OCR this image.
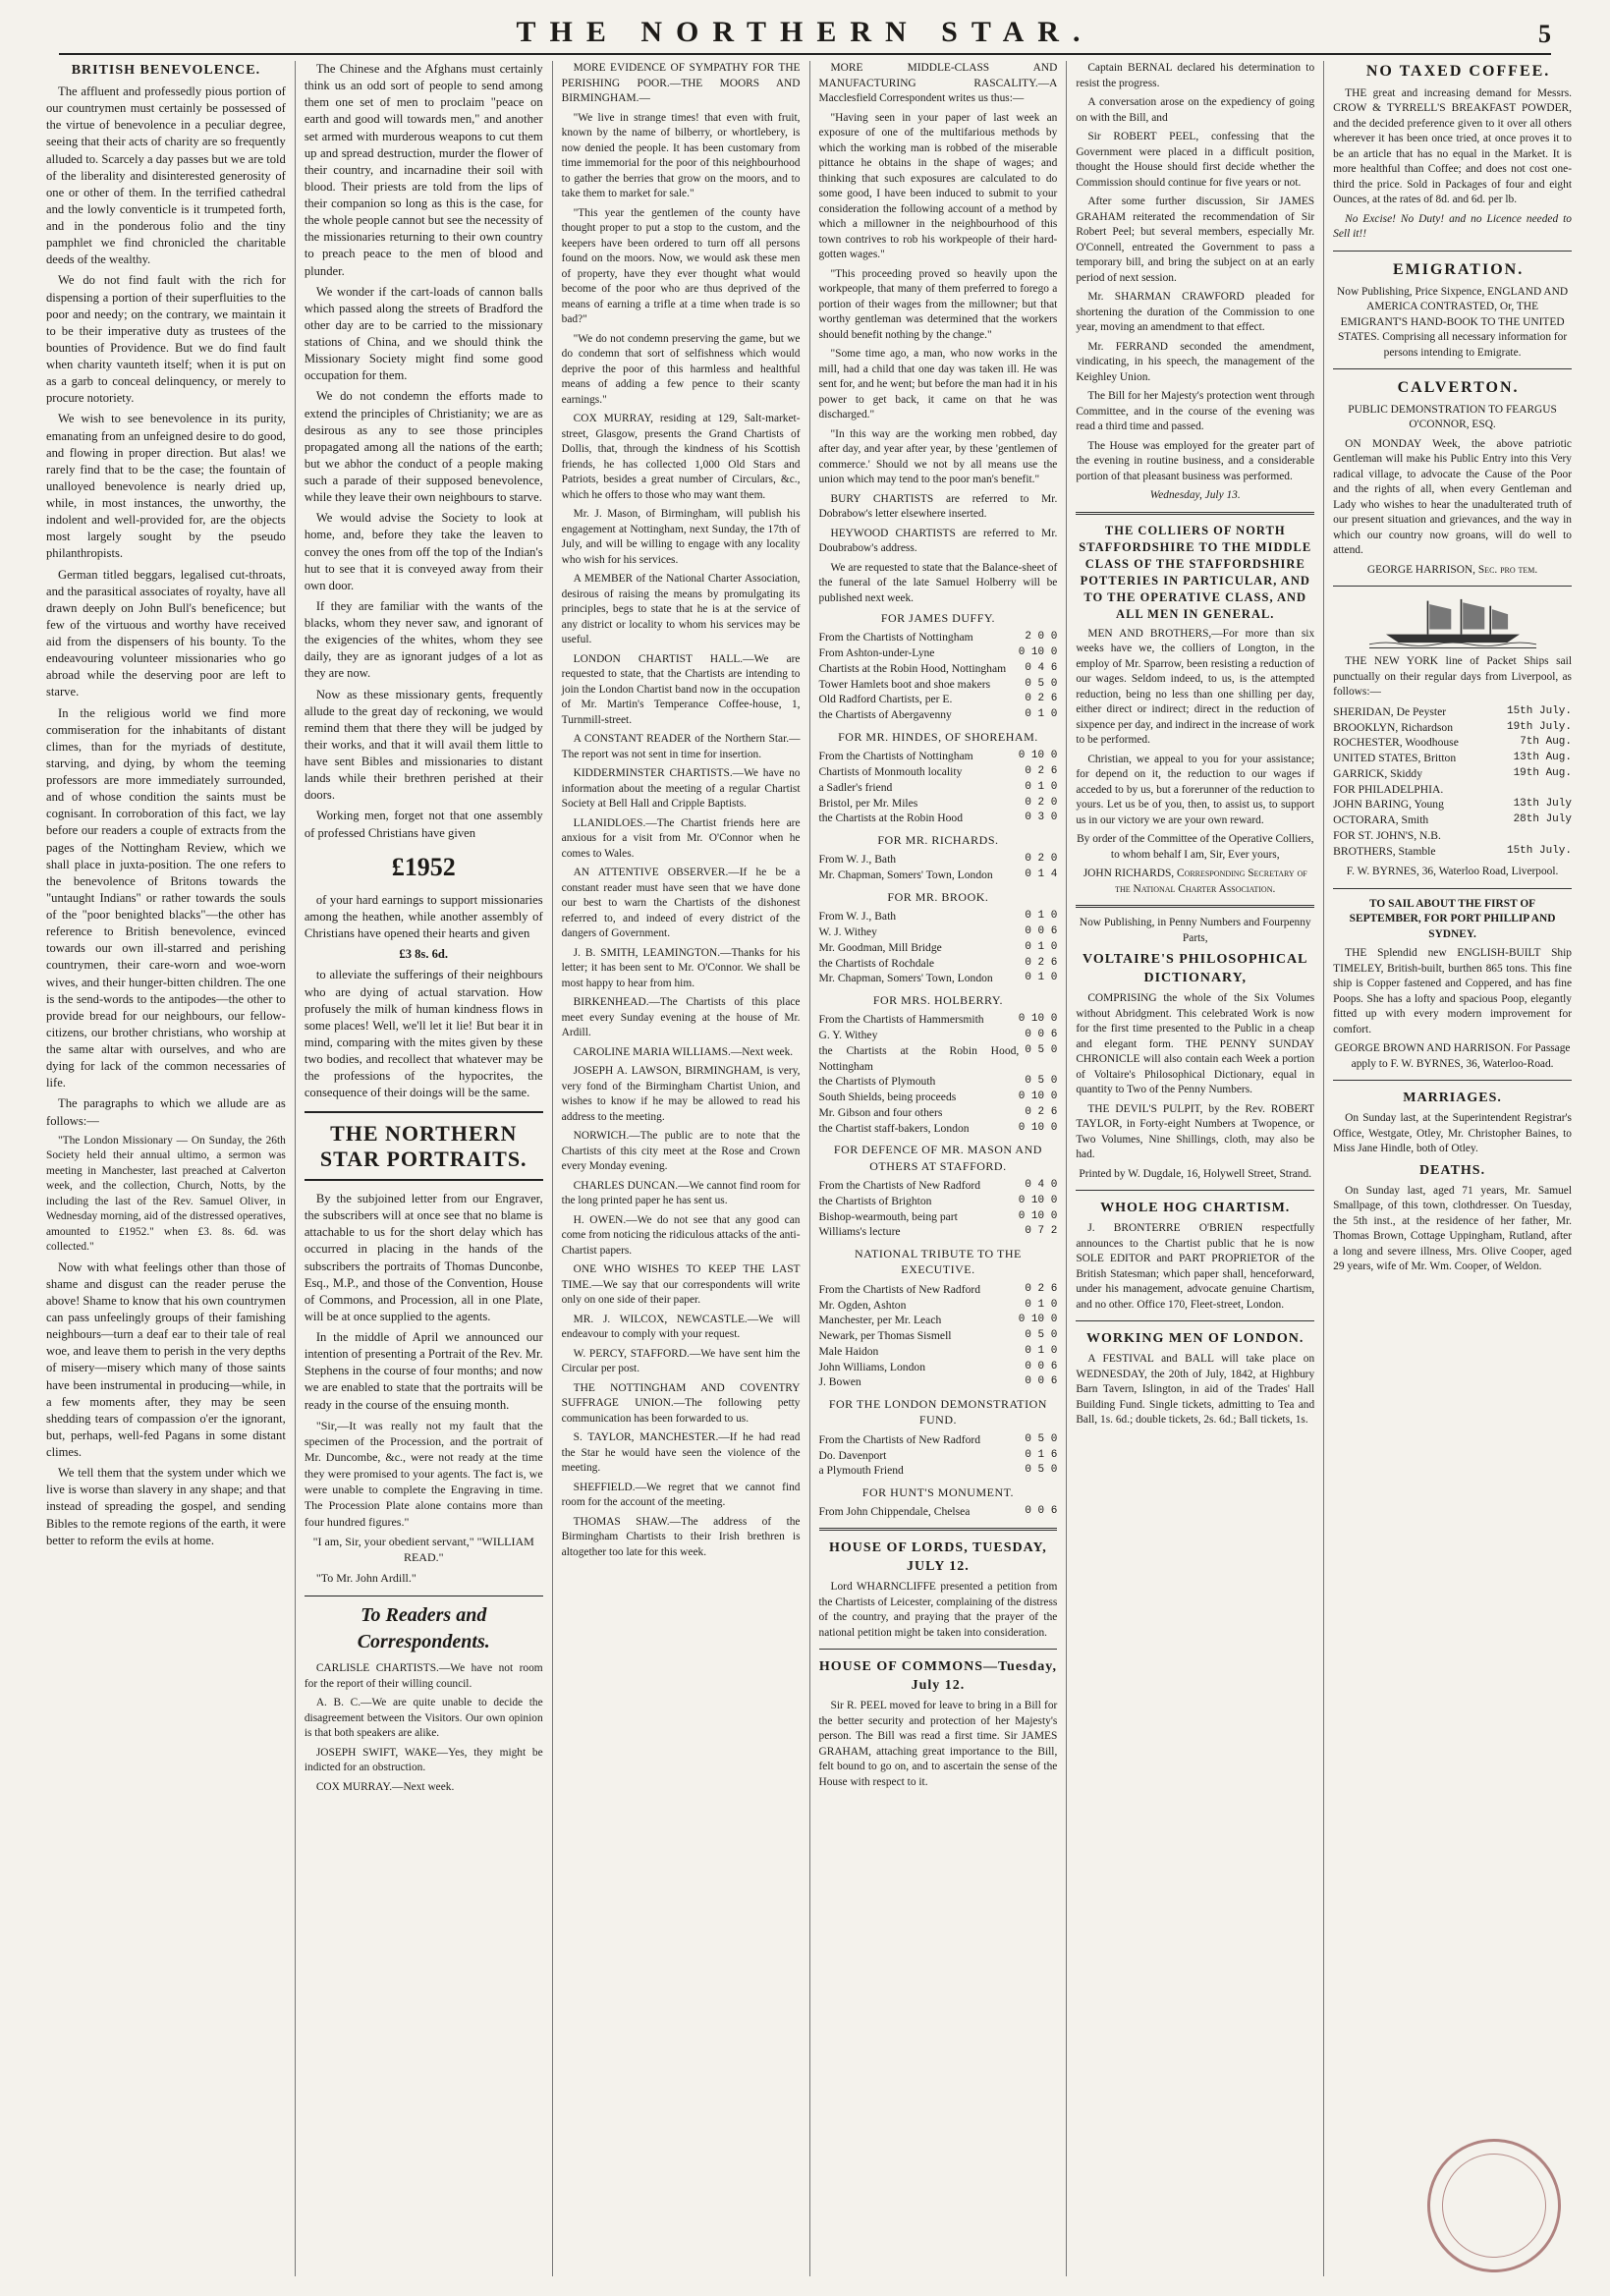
THE NORTHERN STAR.	5

BRITISH BENEVOLENCE.

The affluent and professedly pious portion of our countrymen must certainly be possessed of the virtue of benevolence in a peculiar degree, seeing that their acts of charity are so frequently alluded to. Scarcely a day passes but we are told of the liberality and disinterested generosity of one or other of them. In the terrified cathedral and the lowly conventicle is it trumpeted forth, and in the ponderous folio and the tiny pamphlet we find chronicled the charitable deeds of the wealthy.

We do not find fault with the rich for dispensing a portion of their superfluities to the poor and needy; on the contrary, we maintain it to be their imperative duty as trustees of the bounties of Providence. But we do find fault when charity vaunteth itself; when it is put on as a garb to conceal delinquency, or merely to procure notoriety.

We wish to see benevolence in its purity, emanating from an unfeigned desire to do good, and flowing in proper direction. But alas! we rarely find that to be the case; the fountain of unalloyed benevolence is nearly dried up, while, in most instances, the unworthy, the indolent and well-provided for, are the objects most largely sought by the pseudo philanthropists.

German titled beggars, legalised cut-throats, and the parasitical associates of royalty, have all drawn deeply on John Bull's beneficence; but few of the virtuous and worthy have received aid from the dispensers of his bounty. To the endeavouring volunteer missionaries who go abroad while the deserving poor are left to starve.

In the religious world we find more commiseration for the inhabitants of distant climes, than for the myriads of destitute, starving, and dying, by whom the teeming professors are more immediately surrounded, and of whose condition the saints must be cognisant. In corroboration of this fact, we lay before our readers a couple of extracts from the pages of the Nottingham Review, which we shall place in juxta-position. The one refers to the benevolence of Britons towards the "untaught Indians" or rather towards the souls of the "poor benighted blacks"—the other has reference to British benevolence, evinced towards our own ill-starred and perishing countrymen, their care-worn and woe-worn wives, and their hunger-bitten children. The one is the send-words to the antipodes—the other to provide bread for our neighbours, our fellow-citizens, our brother christians, who worship at the same altar with ourselves, and who are dying for lack of the common necessaries of life.

The paragraphs to which we allude are as follows:—

"The London Missionary — On Sunday, the 26th Society held their annual ultimo, a sermon was meeting in Manchester, last preached at Calverton week, and the collection, Church, Notts, by the including the last of the Rev. Samuel Oliver, in Wednesday morning, aid of the distressed operatives, amounted to £1952." when £3. 8s. 6d. was collected."

Now with what feelings other than those of shame and disgust can the reader peruse the above! Shame to know that his own countrymen can pass unfeelingly groups of their famishing neighbours—turn a deaf ear to their tale of real woe, and leave them to perish in the very depths of misery—misery which many of those saints have been instrumental in producing—while, in a few moments after, they may be seen shedding tears of compassion o'er the ignorant, but, perhaps, well-fed Pagans in some distant climes.

We tell them that the system under which we live is worse than slavery in any shape; and that instead of spreading the gospel, and sending Bibles to the remote regions of the earth, it were better to reform the evils at home.

The Chinese and the Afghans must certainly think us an odd sort of people to send among them one set of men to proclaim "peace on earth and good will towards men," and another set armed with murderous weapons to cut them up and spread destruction, murder the flower of their country, and incarnadine their soil with blood. Their priests are told from the lips of their companion so long as this is the case, for the whole people cannot but see the necessity of the missionaries returning to their own country to preach peace to the men of blood and plunder.

We wonder if the cart-loads of cannon balls which passed along the streets of Bradford the other day are to be carried to the missionary stations of China, and we should think the Missionary Society might find some good occupation for them.

We do not condemn the efforts made to extend the principles of Christianity; we are as desirous as any to see those principles propagated among all the nations of the earth; but we abhor the conduct of a people making such a parade of their supposed benevolence, while they leave their own neighbours to starve.

We would advise the Society to look at home, and, before they take the leaven to convey the ones from off the top of the Indian's hut to see that it is conveyed away from their own door.

If they are familiar with the wants of the blacks, whom they never saw, and ignorant of the exigencies of the whites, whom they see daily, they are as ignorant judges of a lot as they are now.

Now as these missionary gents, frequently allude to the great day of reckoning, we would remind them that there they will be judged by their works, and that it will avail them little to have sent Bibles and missionaries to distant lands while their brethren perished at their doors.

Working men, forget not that one assembly of professed Christians have given

£1952

of your hard earnings to support missionaries among the heathen, while another assembly of Christians have opened their hearts and given

£3 8s. 6d.

to alleviate the sufferings of their neighbours who are dying of actual starvation. How profusely the milk of human kindness flows in some places! Well, we'll let it lie! But bear it in mind, comparing with the mites given by these two bodies, and recollect that whatever may be the professions of the hypocrites, the consequence of their doings will be the same.

THE NORTHERN STAR PORTRAITS.

By the subjoined letter from our Engraver, the subscribers will at once see that no blame is attachable to us for the short delay which has occurred in placing in the hands of the subscribers the portraits of Thomas Dunconbe, Esq., M.P., and those of the Convention, House of Commons, and Procession, all in one Plate, will be at once supplied to the agents.

In the middle of April we announced our intention of presenting a Portrait of the Rev. Mr. Stephens in the course of four months; and now we are enabled to state that the portraits will be ready in the course of the ensuing month.

"Sir,—It was really not my fault that the specimen of the Procession, and the portrait of Mr. Duncombe, &c., were not ready at the time they were promised to your agents. The fact is, we were unable to complete the Engraving in time. The Procession Plate alone contains more than four hundred figures."

"I am, Sir, your obedient servant," "WILLIAM READ."

"To Mr. John Ardill."

To Readers and Correspondents.

CARLISLE CHARTISTS.—We have not room for the report of their willing council.

A. B. C.—We are quite unable to decide the disagreement between the Visitors. Our own opinion is that both speakers are alike.

JOSEPH SWIFT, WAKE—Yes, they might be indicted for an obstruction.

COX MURRAY.—Next week.

MORE EVIDENCE OF SYMPATHY FOR THE PERISHING POOR.—THE MOORS AND BIRMINGHAM.—

"We live in strange times! that even with fruit, known by the name of bilberry, or whortlebery, is now denied the people. It has been customary from time immemorial for the poor of this neighbourhood to gather the berries that grow on the moors, and to take them to market for sale."

"This year the gentlemen of the county have thought proper to put a stop to the custom, and the keepers have been ordered to turn off all persons found on the moors. Now, we would ask these men of property, have they ever thought what would become of the poor who are thus deprived of the means of earning a trifle at a time when trade is so bad?"

"We do not condemn preserving the game, but we do condemn that sort of selfishness which would deprive the poor of this harmless and healthful means of adding a few pence to their scanty earnings."

COX MURRAY, residing at 129, Salt-market-street, Glasgow, presents the Grand Chartists of Dollis, that, through the kindness of his Scottish friends, he has collected 1,000 Old Stars and Patriots, besides a great number of Circulars, &c., which he offers to those who may want them.

Mr. J. Mason, of Birmingham, will publish his engagement at Nottingham, next Sunday, the 17th of July, and will be willing to engage with any locality who wish for his services.

A MEMBER of the National Charter Association, desirous of raising the means by promulgating its principles, begs to state that he is at the service of any district or locality to whom his services may be useful.

LONDON CHARTIST HALL.—We are requested to state, that the Chartists are intending to join the London Chartist band now in the occupation of Mr. Martin's Temperance Coffee-house, 1, Turnmill-street.

A CONSTANT READER of the Northern Star.—The report was not sent in time for insertion.

KIDDERMINSTER CHARTISTS.—We have no information about the meeting of a regular Chartist Society at Bell Hall and Cripple Baptists.

LLANIDLOES.—The Chartist friends here are anxious for a visit from Mr. O'Connor when he comes to Wales.

AN ATTENTIVE OBSERVER.—If he be a constant reader must have seen that we have done our best to warn the Chartists of the dishonest referred to, and indeed of every district of the dangers of Government.

J. B. SMITH, LEAMINGTON.—Thanks for his letter; it has been sent to Mr. O'Connor. We shall be most happy to hear from him.

BIRKENHEAD.—The Chartists of this place meet every Sunday evening at the house of Mr. Ardill.

CAROLINE MARIA WILLIAMS.—Next week.

JOSEPH A. LAWSON, BIRMINGHAM, is very, very fond of the Birmingham Chartist Union, and wishes to know if he may be allowed to read his address to the meeting.

NORWICH.—The public are to note that the Chartists of this city meet at the Rose and Crown every Monday evening.

CHARLES DUNCAN.—We cannot find room for the long printed paper he has sent us.

H. OWEN.—We do not see that any good can come from noticing the ridiculous attacks of the anti-Chartist papers.

ONE WHO WISHES TO KEEP THE LAST TIME.—We say that our correspondents will write only on one side of their paper.

MR. J. WILCOX, NEWCASTLE.—We will endeavour to comply with your request.

W. PERCY, STAFFORD.—We have sent him the Circular per post.

THE NOTTINGHAM AND COVENTRY SUFFRAGE UNION.—The following petty communication has been forwarded to us.

S. TAYLOR, MANCHESTER.—If he had read the Star he would have seen the violence of the meeting.

SHEFFIELD.—We regret that we cannot find room for the account of the meeting.

THOMAS SHAW.—The address of the Birmingham Chartists to their Irish brethren is altogether too late for this week.

MORE MIDDLE-CLASS AND MANUFACTURING RASCALITY.—A Macclesfield Correspondent writes us thus:—

"Having seen in your paper of last week an exposure of one of the multifarious methods by which the working man is robbed of the miserable pittance he obtains in the shape of wages; and thinking that such exposures are calculated to do some good, I have been induced to submit to your consideration the following account of a method by which a millowner in the neighbourhood of this town contrives to rob his workpeople of their hard-gotten wages."

"This proceeding proved so heavily upon the workpeople, that many of them preferred to forego a portion of their wages from the millowner; but that worthy gentleman was determined that the workers should benefit nothing by the change."

"Some time ago, a man, who now works in the mill, had a child that one day was taken ill. He was sent for, and he went; but before the man had it in his power to get back, it came on that he was discharged."

"In this way are the working men robbed, day after day, and year after year, by these 'gentlemen of commerce.' Should we not by all means use the union which may tend to the poor man's benefit."

BURY CHARTISTS are referred to Mr. Dobrabow's letter elsewhere inserted.

HEYWOOD CHARTISTS are referred to Mr. Doubrabow's address.

We are requested to state that the Balance-sheet of the funeral of the late Samuel Holberry will be published next week.

FOR JAMES DUFFY.

From the Chartists of Nottingham	2 0 0
From Ashton-under-Lyne	0 10 0
Chartists at the Robin Hood, Nottingham	0 4 6
Tower Hamlets boot and shoe makers	0 5 0
Old Radford Chartists, per E.	0 2 6
the Chartists of Abergavenny	0 1 0

FOR MR. HINDES, OF SHOREHAM.

From the Chartists of Nottingham	0 10 0
Chartists of Monmouth locality	0 2 6
a Sadler's friend	0 1 0
Bristol, per Mr. Miles	0 2 0
the Chartists at the Robin Hood	0 3 0

FOR MR. RICHARDS.

From W. J., Bath	0 2 0
Mr. Chapman, Somers' Town, London	0 1 4

FOR MR. BROOK.

From W. J., Bath	0 1 0
W. J. Withey	0 0 6
Mr. Goodman, Mill Bridge	0 1 0
the Chartists of Rochdale	0 2 6
Mr. Chapman, Somers' Town, London	0 1 0

FOR MRS. HOLBERRY.

From the Chartists of Hammersmith	0 10 0
G. Y. Withey	0 0 6
the Chartists at the Robin Hood, Nottingham
0 5 0
the Chartists of Plymouth	0 5 0
South Shields, being proceeds	0 10 0
Mr. Gibson and four others	0 2 6
the Chartist staff-bakers, London	0 10 0

FOR DEFENCE OF MR. MASON AND OTHERS AT STAFFORD.

From the Chartists of New Radford	0 4 0
the Chartists of Brighton	0 10 0
Bishop-wearmouth, being part	0 10 0
Williams's lecture	0 7 2

NATIONAL TRIBUTE TO THE EXECUTIVE.

From the Chartists of New Radford	0 2 6
Mr. Ogden, Ashton	0 1 0
Manchester, per Mr. Leach	0 10 0
Newark, per Thomas Sismell	0 5 0
Male Haidon	0 1 0
John Williams, London	0 0 6
J. Bowen	0 0 6

FOR THE LONDON DEMONSTRATION FUND.

From the Chartists of New Radford	0 5 0
Do. Davenport	0 1 6
a Plymouth Friend	0 5 0

FOR HUNT'S MONUMENT.

From John Chippendale, Chelsea	0 0 6

HOUSE OF LORDS, TUESDAY, JULY 12.

Lord WHARNCLIFFE presented a petition from the Chartists of Leicester, complaining of the distress of the country, and praying that the prayer of the national petition might be taken into consideration.

HOUSE OF COMMONS—Tuesday, July 12.

Sir R. PEEL moved for leave to bring in a Bill for the better security and protection of her Majesty's person. The Bill was read a first time. Sir JAMES GRAHAM, attaching great importance to the Bill, felt bound to go on, and to ascertain the sense of the House with respect to it.

Captain BERNAL declared his determination to resist the progress.

A conversation arose on the expediency of going on with the Bill, and

Sir ROBERT PEEL, confessing that the Government were placed in a difficult position, thought the House should first decide whether the Commission should continue for five years or not.

After some further discussion, Sir JAMES GRAHAM reiterated the recommendation of Sir Robert Peel; but several members, especially Mr. O'Connell, entreated the Government to pass a temporary bill, and bring the subject on at an early period of next session.

Mr. SHARMAN CRAWFORD pleaded for shortening the duration of the Commission to one year, moving an amendment to that effect.

Mr. FERRAND seconded the amendment, vindicating, in his speech, the management of the Keighley Union.

The Bill for her Majesty's protection went through Committee, and in the course of the evening was read a third time and passed.

The House was employed for the greater part of the evening in routine business, and a considerable portion of that pleasant business was performed.

Wednesday, July 13.

THE COLLIERS OF NORTH STAFFORDSHIRE TO THE MIDDLE CLASS OF THE STAFFORDSHIRE POTTERIES IN PARTICULAR, AND TO THE OPERATIVE CLASS, AND ALL MEN IN GENERAL.

MEN AND BROTHERS,—For more than six weeks have we, the colliers of Longton, in the employ of Mr. Sparrow, been resisting a reduction of our wages. Seldom indeed, to us, is the attempted reduction, being no less than one shilling per day, either direct or indirect; direct in the reduction of sixpence per day, and indirect in the increase of work to be performed.

Christian, we appeal to you for your assistance; for depend on it, the reduction to our wages if acceded to by us, but a forerunner of the reduction to yours. Let us be of you, then, to assist us, to support us in our victory we are your own reward.

By order of the Committee of the Operative Colliers, to whom behalf I am, Sir, Ever yours,

JOHN RICHARDS, Corresponding Secretary of the National Charter Association.

Now Publishing, in Penny Numbers and Fourpenny Parts,

VOLTAIRE'S PHILOSOPHICAL DICTIONARY,

COMPRISING the whole of the Six Volumes without Abridgment. This celebrated Work is now for the first time presented to the Public in a cheap and elegant form. THE PENNY SUNDAY CHRONICLE will also contain each Week a portion of Voltaire's Philosophical Dictionary, equal in quantity to Two of the Penny Numbers.

THE DEVIL'S PULPIT, by the Rev. ROBERT TAYLOR, in Forty-eight Numbers at Twopence, or Two Volumes, Nine Shillings, cloth, may also be had.

Printed by W. Dugdale, 16, Holywell Street, Strand.

WHOLE HOG CHARTISM.

J. BRONTERRE O'BRIEN respectfully announces to the Chartist public that he is now SOLE EDITOR and PART PROPRIETOR of the British Statesman; which paper shall, henceforward, under his management, advocate genuine Chartism, and no other. Office 170, Fleet-street, London.

WORKING MEN OF LONDON.

A FESTIVAL and BALL will take place on WEDNESDAY, the 20th of July, 1842, at Highbury Barn Tavern, Islington, in aid of the Trades' Hall Building Fund. Single tickets, admitting to Tea and Ball, 1s. 6d.; double tickets, 2s. 6d.; Ball tickets, 1s.

NO TAXED COFFEE.

THE great and increasing demand for Messrs. CROW & TYRRELL'S BREAKFAST POWDER, and the decided preference given to it over all others wherever it has been once tried, at once proves it to be an article that has no equal in the Market. It is more healthful than Coffee; and does not cost one-third the price. Sold in Packages of four and eight Ounces, at the rates of 8d. and 6d. per lb.

No Excise! No Duty! and no Licence needed to Sell it!!

EMIGRATION.

Now Publishing, Price Sixpence, ENGLAND AND AMERICA CONTRASTED, Or, THE EMIGRANT'S HAND-BOOK TO THE UNITED STATES. Comprising all necessary information for persons intending to Emigrate.

CALVERTON.

PUBLIC DEMONSTRATION TO FEARGUS O'CONNOR, ESQ.

ON MONDAY Week, the above patriotic Gentleman will make his Public Entry into this Very radical village, to advocate the Cause of the Poor and the rights of all, when every Gentleman and Lady who wishes to hear the unadulterated truth of our present situation and grievances, and the way in which our country now groans, will do well to attend.

GEORGE HARRISON, Sec. pro tem.

THE NEW YORK line of Packet Ships sail punctually on their regular days from Liverpool, as follows:—

SHERIDAN, De Peyster	15th July.
BROOKLYN, Richardson	19th July.
ROCHESTER, Woodhouse	7th Aug.
UNITED STATES, Britton	13th Aug.
GARRICK, Skiddy	19th Aug.
FOR PHILADELPHIA.
JOHN BARING, Young	13th July
OCTORARA, Smith	28th July
FOR ST. JOHN'S, N.B.
BROTHERS, Stamble	15th July.

F. W. BYRNES, 36, Waterloo Road, Liverpool.

TO SAIL ABOUT THE FIRST OF SEPTEMBER, FOR PORT PHILLIP AND SYDNEY.

THE Splendid new ENGLISH-BUILT Ship TIMELEY, British-built, burthen 865 tons. This fine ship is Copper fastened and Coppered, and has fine Poops. She has a lofty and spacious Poop, elegantly fitted up with every modern improvement for comfort.

GEORGE BROWN AND HARRISON. For Passage apply to F. W. BYRNES, 36, Waterloo-Road.

MARRIAGES.

On Sunday last, at the Superintendent Registrar's Office, Westgate, Otley, Mr. Christopher Baines, to Miss Jane Hindle, both of Otley.

DEATHS.

On Sunday last, aged 71 years, Mr. Samuel Smallpage, of this town, clothdresser. On Tuesday, the 5th inst., at the residence of her father, Mr. Thomas Brown, Cottage Uppingham, Rutland, after a long and severe illness, Mrs. Olive Cooper, aged 29 years, wife of Mr. Wm. Cooper, of Weldon.
